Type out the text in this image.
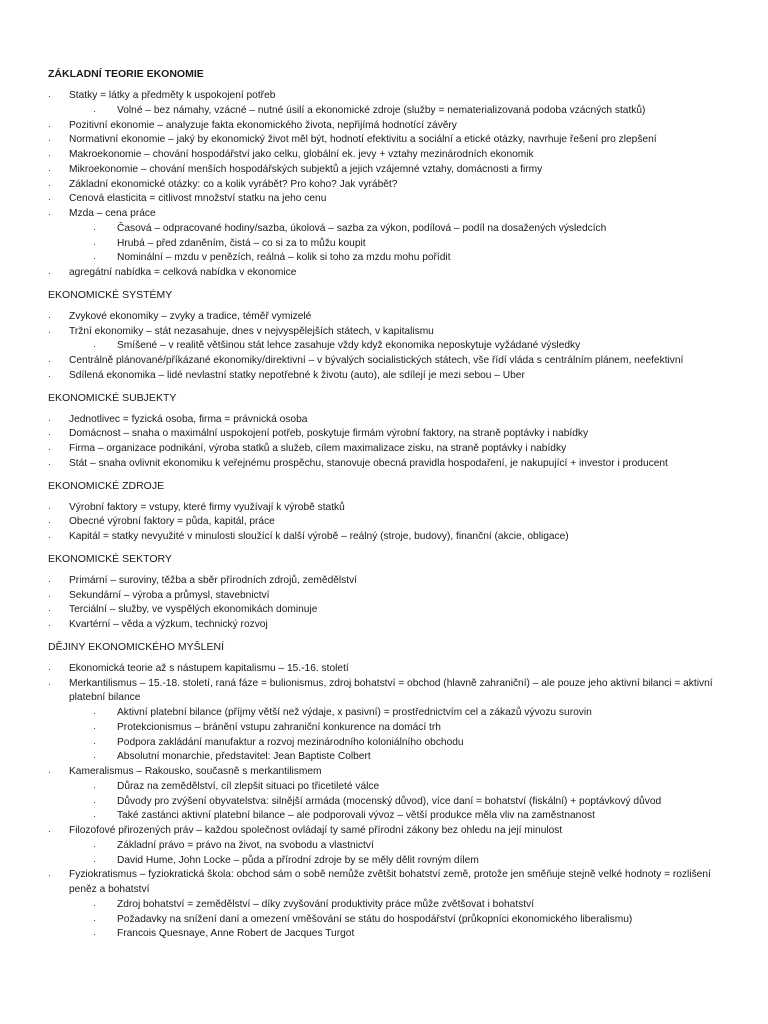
ZÁKLADNÍ TEORIE EKONOMIE
· Statky = látky a předměty k uspokojení potřeb
· Volné – bez námahy, vzácné – nutné úsilí a ekonomické zdroje (služby = nematerializovaná podoba vzácných statků)
· Pozitivní ekonomie – analyzuje fakta ekonomického života, nepřijímá hodnotící závěry
· Normativní ekonomie – jaký by ekonomický život měl být, hodnotí efektivitu a sociální a etické otázky, navrhuje řešení pro zlepšení
· Makroekonomie – chování hospodářství jako celku, globální ek. jevy + vztahy mezinárodních ekonomik
· Mikroekonomie – chování menších hospodářských subjektů a jejich vzájemné vztahy, domácnosti a firmy
· Základní ekonomické otázky: co a kolik vyrábět? Pro koho? Jak vyrábět?
· Cenová elasticita = citlivost množství statku na jeho cenu
· Mzda – cena práce
· Časová – odpracované hodiny/sazba, úkolová – sazba za výkon, podílová – podíl na dosažených výsledcích
· Hrubá – před zdaněním, čistá – co si za to můžu koupit
· Nominální – mzdu v penězích, reálná – kolik si toho za mzdu mohu pořídit
· agregátní nabídka = celková nabídka v ekonomice
EKONOMICKÉ SYSTÉMY
· Zvykové ekonomiky – zvyky a tradice, téměř vymizelé
· Tržní ekonomiky – stát nezasahuje, dnes v nejvyspělejších státech, v kapitalismu
· Smíšené – v realitě většinou stát lehce zasahuje vždy když ekonomika neposkytuje vyžádané výsledky
· Centrálně plánované/příkázané ekonomiky/direktivní – v bývalých socialistických státech, vše řídí vláda s centrálním plánem, neefektivní
· Sdílená ekonomika – lidé nevlastní statky nepotřebné k životu (auto), ale sdílejí je mezi sebou – Uber
EKONOMICKÉ SUBJEKTY
· Jednotlivec = fyzická osoba, firma = právnická osoba
· Domácnost – snaha o maximální uspokojení potřeb, poskytuje firmám výrobní faktory, na straně poptávky i nabídky
· Firma – organizace podnikání, výroba statků a služeb, cílem maximalizace zisku, na straně poptávky i nabídky
· Stát – snaha ovlivnit ekonomiku k veřejnému prospěchu, stanovuje obecná pravidla hospodaření, je nakupující + investor i producent
EKONOMICKÉ ZDROJE
· Výrobní faktory = vstupy, které firmy využívají k výrobě statků
· Obecné výrobní faktory = půda, kapitál, práce
· Kapitál = statky nevyužité v minulosti sloužící k další výrobě – reálný (stroje, budovy), finanční (akcie, obligace)
EKONOMICKÉ SEKTORY
· Primární – suroviny, těžba a sběr přírodních zdrojů, zemědělství
· Sekundární – výroba a průmysl, stavebnictví
· Terciální – služby, ve vyspělých ekonomikách dominuje
· Kvartérní – věda a výzkum, technický rozvoj
DĚJINY EKONOMICKÉHO MYŠLENÍ
· Ekonomická teorie až s nástupem kapitalismu – 15.-16. století
· Merkantilismus – 15.-18. století, raná fáze = bulionismus, zdroj bohatství = obchod (hlavně zahraniční) – ale pouze jeho aktivní bilanci = aktivní platební bilance
· Aktivní platební bilance (příjmy větší než výdaje, x pasivní) = prostřednictvím cel a zákazů vývozu surovin
· Protekcionismus – bránění vstupu zahraniční konkurence na domácí trh
· Podpora zakládání manufaktur a rozvoj mezinárodního koloniálního obchodu
· Absolutní monarchie, představitel: Jean Baptiste Colbert
· Kameralismus – Rakousko, současně s merkantilismem
· Důraz na zemědělství, cíl zlepšit situaci po třicetileté válce
· Důvody pro zvýšení obyvatelstva: silnější armáda (mocenský důvod), více daní = bohatství (fiskální) + poptávkový důvod
· Také zastánci aktivní platební bilance – ale podporovali vývoz – větší produkce měla vliv na zaměstnanost
· Filozofové přirozených práv – každou společnost ovládají ty samé přírodní zákony bez ohledu na její minulost
· Základní právo = právo na život, na svobodu a vlastnictví
· David Hume, John Locke – půda a přírodní zdroje by se měly dělit rovným dílem
· Fyziokratismus – fyziokratická škola: obchod sám o sobě nemůže zvětšit bohatství země, protože jen směňuje stejně velké hodnoty = rozlišení peněz a bohatství
· Zdroj bohatství = zemědělství – díky zvyšování produktivity práce může zvětšovat i bohatství
· Požadavky na snížení daní a omezení vměšování se státu do hospodářství (průkopníci ekonomického liberalismu)
· Francois Quesnaye, Anne Robert de Jacques Turgot
